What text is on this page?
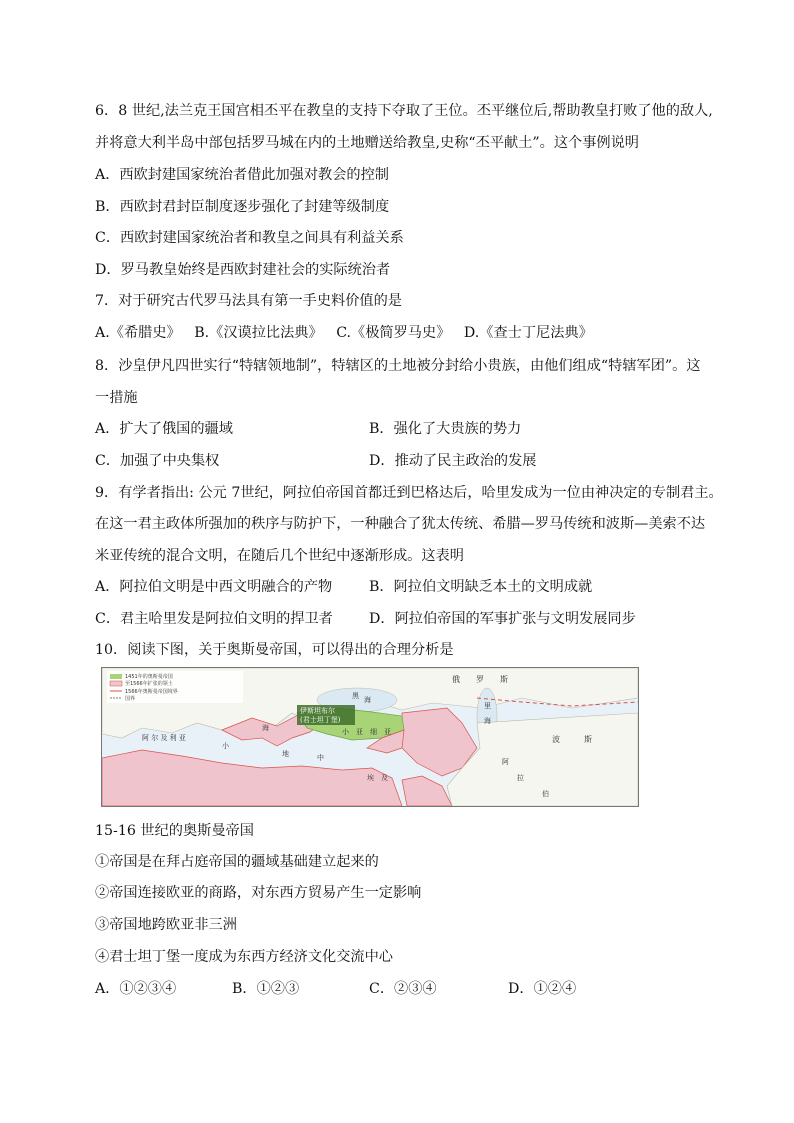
6．8 世纪,法兰克王国宫相丕平在教皇的支持下夺取了王位。丕平继位后,帮助教皇打败了他的敌人,
并将意大利半岛中部包括罗马城在内的土地赠送给教皇,史称“丕平献土”。这个事例说明
A．西欧封建国家统治者借此加强对教会的控制
B．西欧封君封臣制度逐步强化了封建等级制度
C．西欧封建国家统治者和教皇之间具有利益关系
D．罗马教皇始终是西欧封建社会的实际统治者
7．对于研究古代罗马法具有第一手史料价值的是
A.《希腊史》 B.《汉谟拉比法典》 C.《极简罗马史》 D.《查士丁尼法典》
8．沙皇伊凡四世实行“特辖领地制”，特辖区的土地被分封给小贵族，由他们组成“特辖军团”。这
一措施
A．扩大了俄国的疆域	B．强化了大贵族的势力
C．加强了中央集权	D．推动了民主政治的发展
9．有学者指出: 公元 7世纪，阿拉伯帝国首都迁到巴格达后，哈里发成为一位由神决定的专制君主。
在这一君主政体所强加的秩序与防护下，一种融合了犹太传统、希腊—罗马传统和波斯—美索不达
米亚传统的混合文明，在随后几个世纪中逐渐形成。这表明
A．阿拉伯文明是中西文明融合的产物	B．阿拉伯文明缺乏本土的文明成就
C．君主哈里发是阿拉伯文明的捍卫者	D．阿拉伯帝国的军事扩张与文明发展同步
10．阅读下图，关于奥斯曼帝国，可以得出的合理分析是
1451年的奥斯曼帝国
至1566年扩张的领土
1566年奥斯曼帝国境界
国界
俄　　罗　　斯
伊斯坦布尔
(君士坦丁堡)
小　亚　细　亚
阿 尔 及 利 亚	波　　　斯
阿
拉
伯
埃　及
黑 海
地
里
海
海
中
小
15-16 世纪的奥斯曼帝国
①帝国是在拜占庭帝国的疆域基础建立起来的
②帝国连接欧亚的商路，对东西方贸易产生一定影响
③帝国地跨欧亚非三洲
④君士坦丁堡一度成为东西方经济文化交流中心
A．①②③④	B．①②③	C．②③④	D．①②④
